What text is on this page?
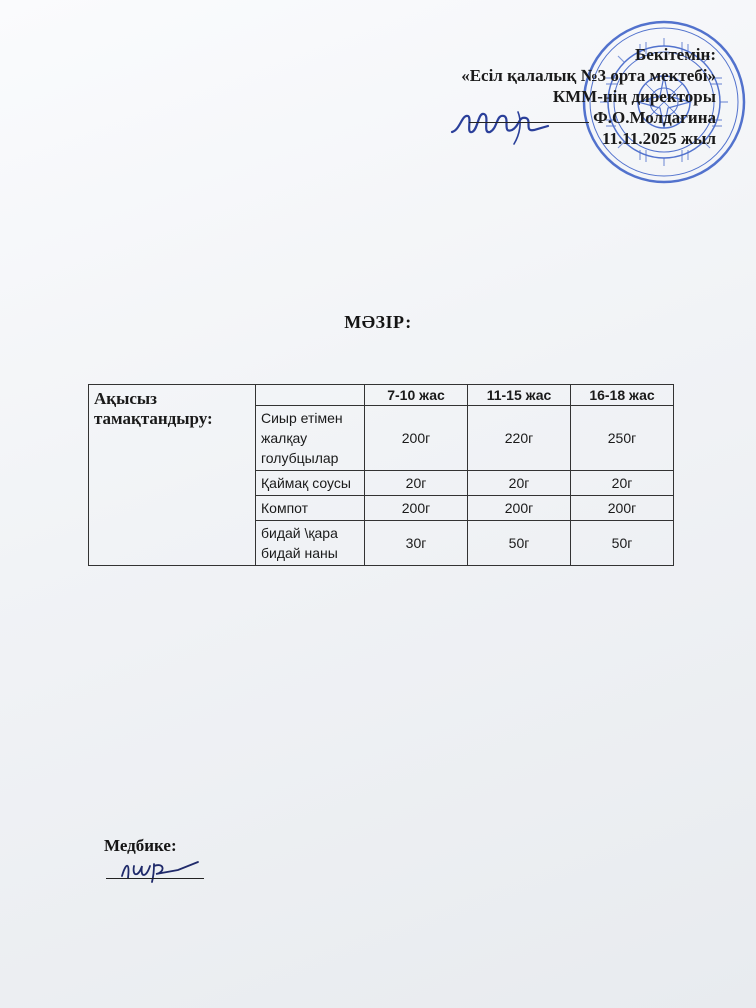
Бекітемін:
«Есіл қалалық №3 орта мектебі»
КММ-нің директоры
Ф.О.Молдагина
11.11.2025 жыл
МӘЗІР:
Ақысыз тамақтандыру:		7-10 жас	11-15 жас	16-18 жас
	Сиыр етімен жалқау голубцылар	200г	220г	250г
	Қаймақ соусы	20г	20г	20г
	Компот	200г	200г	200г
	бидай \қара бидай наны	30г	50г	50г
Медбике:
